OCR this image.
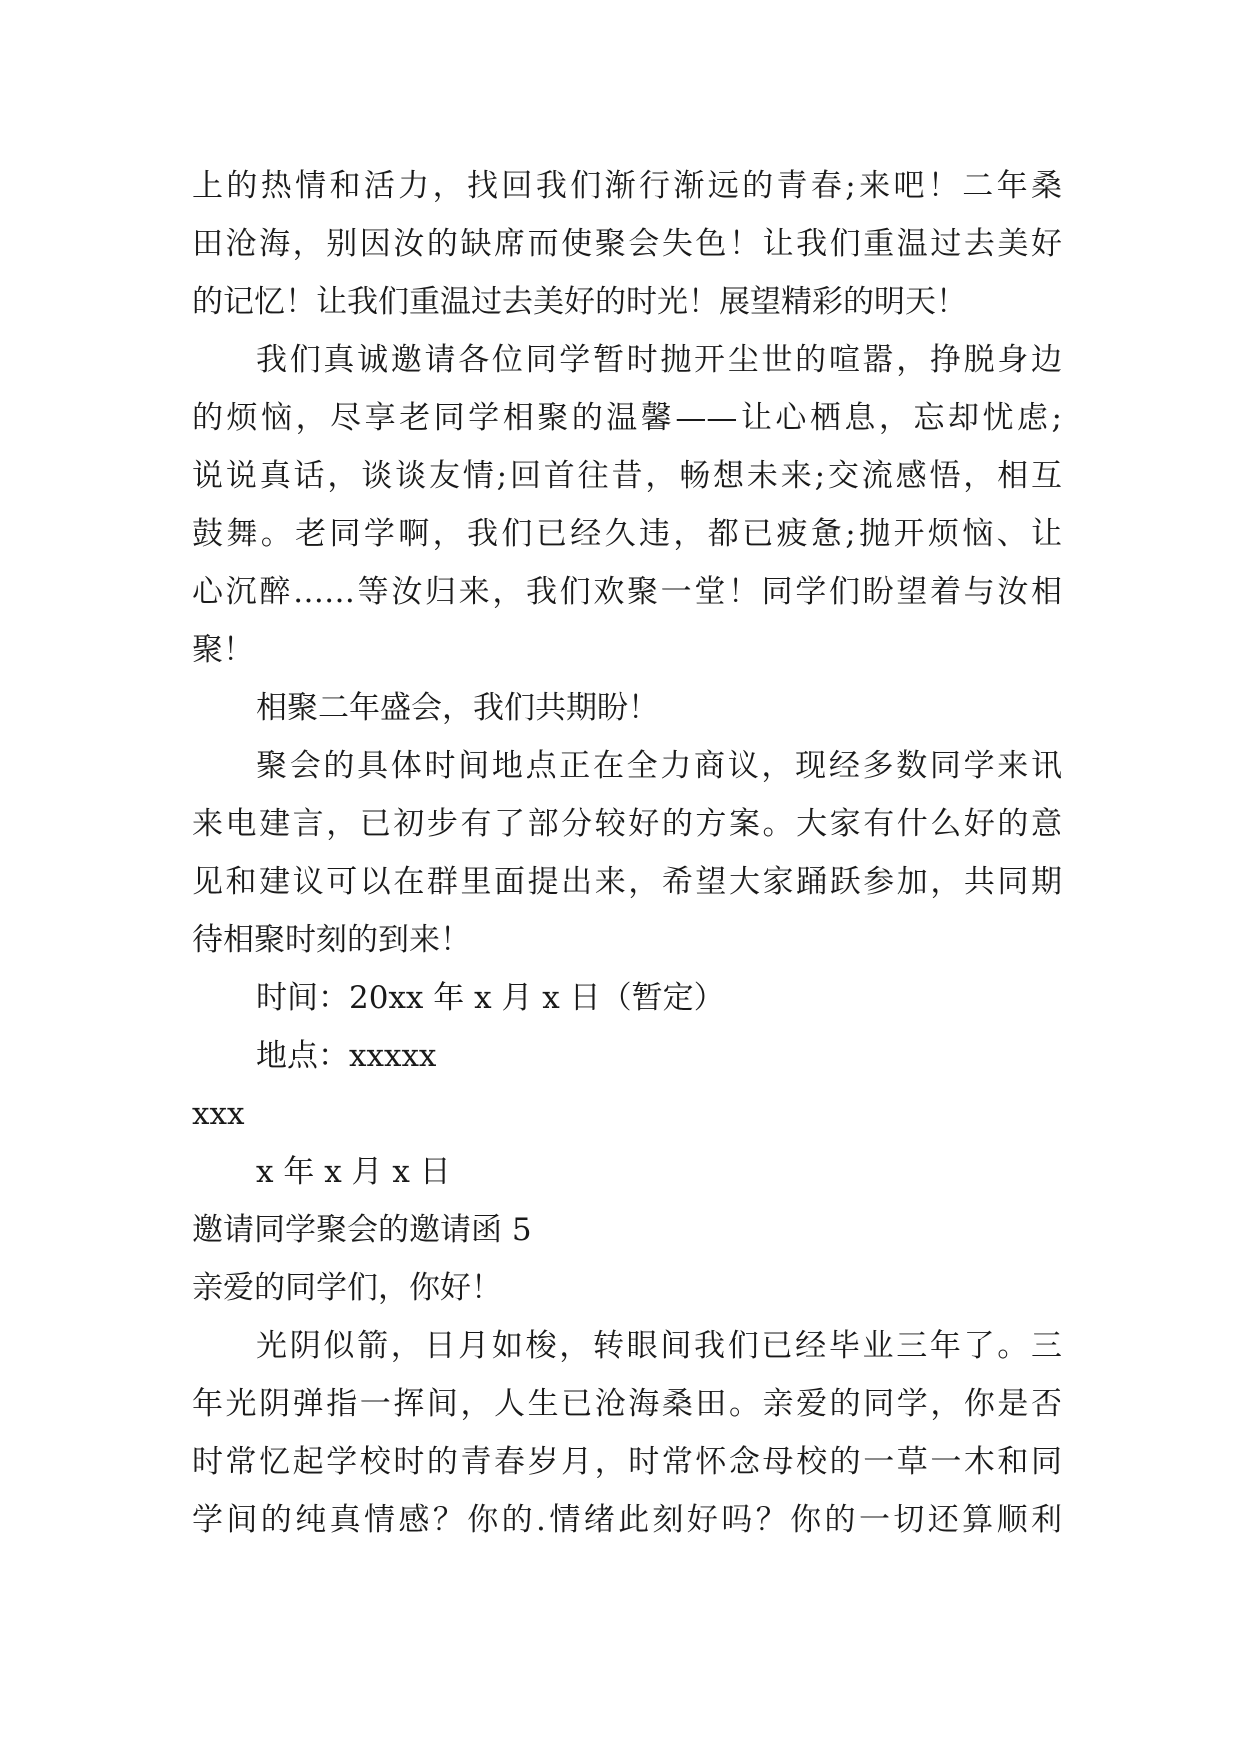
上的热情和活力，找回我们渐行渐远的青春;来吧！二年桑
田沧海，别因汝的缺席而使聚会失色！让我们重温过去美好
的记忆！让我们重温过去美好的时光！展望精彩的明天！
我们真诚邀请各位同学暂时抛开尘世的喧嚣，挣脱身边
的烦恼，尽享老同学相聚的温馨——让心栖息，忘却忧虑;
说说真话，谈谈友情;回首往昔，畅想未来;交流感悟，相互
鼓舞。老同学啊，我们已经久违，都已疲惫;抛开烦恼、让
心沉醉……等汝归来，我们欢聚一堂！同学们盼望着与汝相
聚！
相聚二年盛会，我们共期盼！
聚会的具体时间地点正在全力商议，现经多数同学来讯
来电建言，已初步有了部分较好的方案。大家有什么好的意
见和建议可以在群里面提出来，希望大家踊跃参加，共同期
待相聚时刻的到来！
时间：20xx 年 x 月 x 日（暂定）
地点：xxxxx
xxx
x 年 x 月 x 日
邀请同学聚会的邀请函 5
亲爱的同学们，你好！
光阴似箭，日月如梭，转眼间我们已经毕业三年了。三
年光阴弹指一挥间，人生已沧海桑田。亲爱的同学，你是否
时常忆起学校时的青春岁月，时常怀念母校的一草一木和同
学间的纯真情感？你的.情绪此刻好吗？你的一切还算顺利
